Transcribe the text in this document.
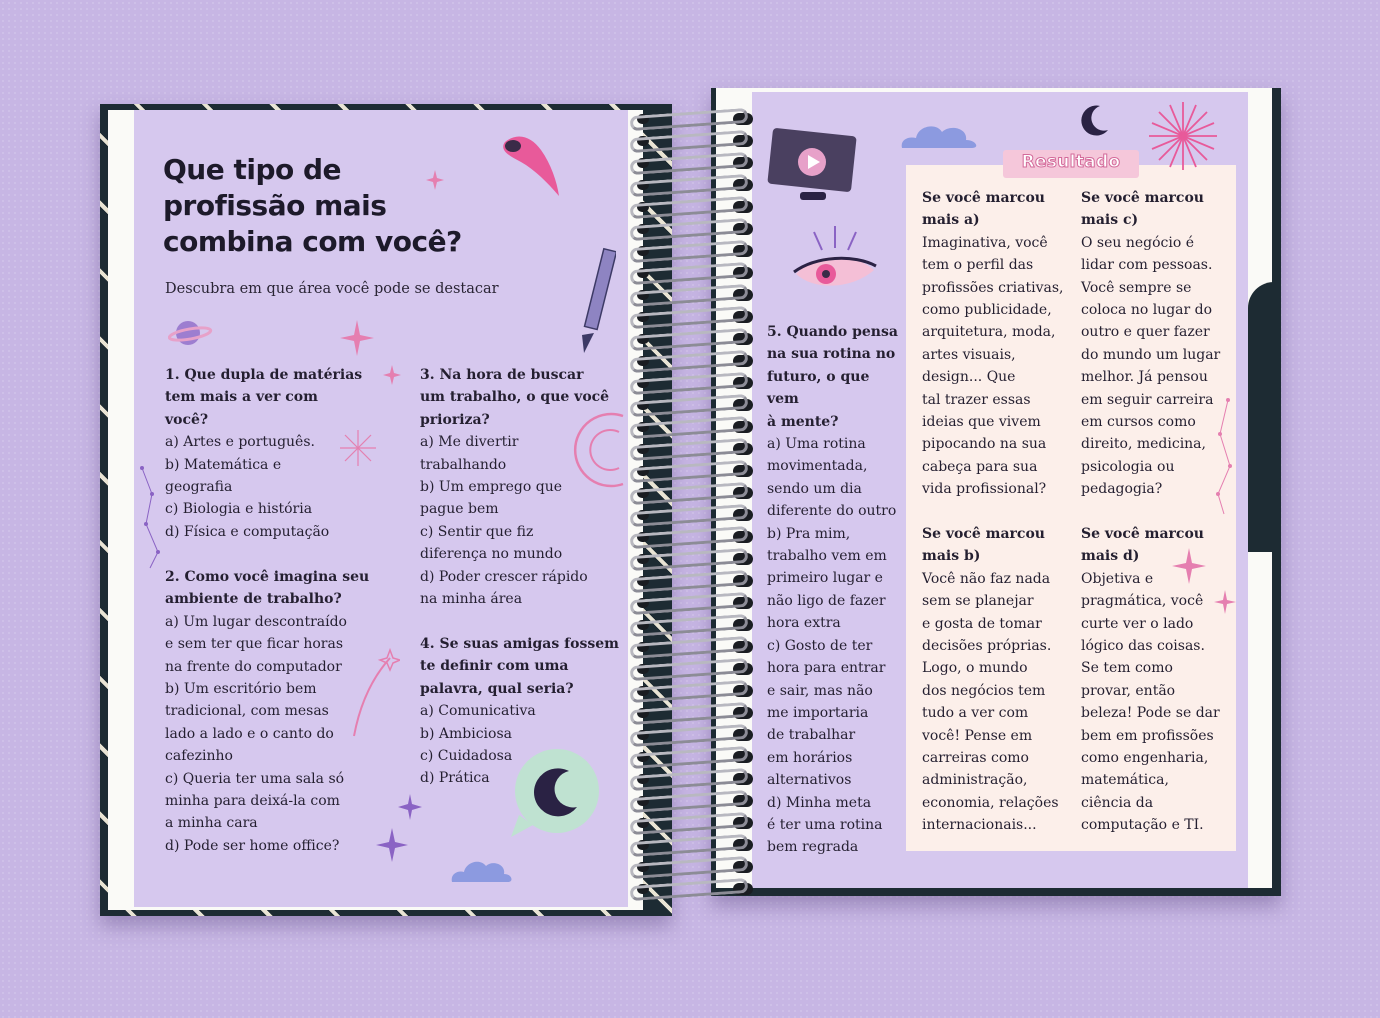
Que tipo de
profissão mais
combina com você?
Descubra em que área você pode se destacar
1. Que dupla de matérias
tem mais a ver com
você?
a) Artes e português.
b) Matemática e
geografia
c) Biologia e história
d) Física e computação
2. Como você imagina seu
ambiente de trabalho?
a) Um lugar descontraído
e sem ter que ficar horas
na frente do computador
b) Um escritório bem
tradicional, com mesas
lado a lado e o canto do
cafezinho
c) Queria ter uma sala só
minha para deixá-la com
a minha cara
d) Pode ser home office?
3. Na hora de buscar
um trabalho, o que você
prioriza?
a) Me divertir
trabalhando
b) Um emprego que
pague bem
c) Sentir que fiz
diferença no mundo
d) Poder crescer rápido
na minha área
4. Se suas amigas fossem
te definir com uma
palavra, qual seria?
a) Comunicativa
b) Ambiciosa
c) Cuidadosa
d) Prática
5. Quando pensa
na sua rotina no
futuro, o que vem
à mente?
a) Uma rotina
movimentada,
sendo um dia
diferente do outro
b) Pra mim,
trabalho vem em
primeiro lugar e
não ligo de fazer
hora extra
c) Gosto de ter
hora para entrar
e sair, mas não
me importaria
de trabalhar
em horários
alternativos
d) Minha meta
é ter uma rotina
bem regrada
Resultado
Se você marcou
mais a)
Imaginativa, você
tem o perfil das
profissões criativas,
como publicidade,
arquitetura, moda,
artes visuais,
design... Que
tal trazer essas
ideias que vivem
pipocando na sua
cabeça para sua
vida profissional?
Se você marcou
mais b)
Você não faz nada
sem se planejar
e gosta de tomar
decisões próprias.
Logo, o mundo
dos negócios tem
tudo a ver com
você! Pense em
carreiras como
administração,
economia, relações
internacionais...
Se você marcou
mais c)
O seu negócio é
lidar com pessoas.
Você sempre se
coloca no lugar do
outro e quer fazer
do mundo um lugar
melhor. Já pensou
em seguir carreira
em cursos como
direito, medicina,
psicologia ou
pedagogia?
Se você marcou
mais d)
Objetiva e
pragmática, você
curte ver o lado
lógico das coisas.
Se tem como
provar, então
beleza! Pode se dar
bem em profissões
como engenharia,
matemática,
ciência da
computação e TI.
